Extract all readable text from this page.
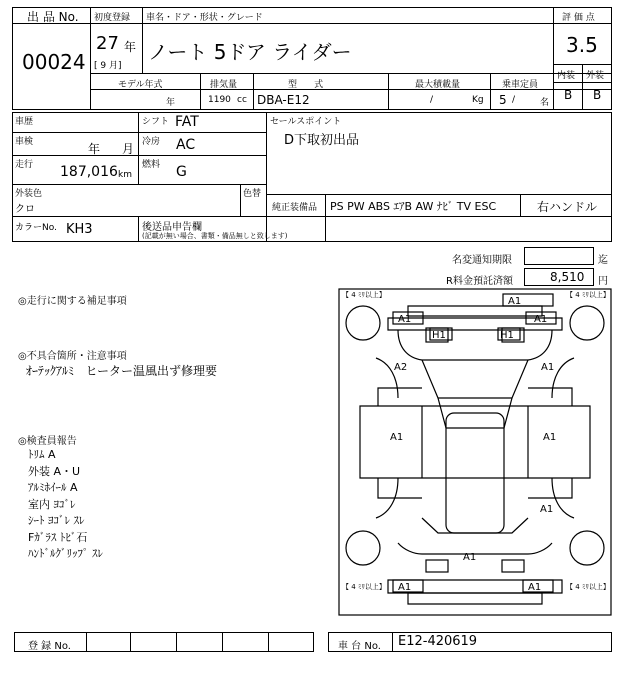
出 品 No.
00024
初度登録
27 年
[ 9 月]
車名・ドア・形状・グレード
ノート 5ドア ライダー
評 価 点
3.5
内装 外装
B B
モデル年式
年
排気量
1190 cc
型      式
DBA-E12
最大積載量
/	Kg
乗車定員
5 /	名
車歴	シフト FAT
車検	年 月 冷房 AC
走行 187,016 km
燃料 G
セールスポイント
D下取初出品
外装色
クロ
色替
純正装備品 PS PW ABS ｴｱB AW ﾅﾋﾞ TV ESC	右ハンドル
カラーNo. KH3	後送品申告欄
(記載が無い場合、書類・備品無しと致します)
名変通知期限	迄
R料金預託済額	8,510 円
◎走行に関する補足事項
◎不具合箇所・注意事項
ｵｰﾃｯｸｱﾙﾐ   ヒーター温風出ず修理要
◎検査員報告
ﾄﾘﾑ A
外装 A・U
ｱﾙﾐﾎｲｰﾙ A
室内 ﾖｺﾞﾚ
ｼｰﾄ ﾖｺﾞﾚ ｽﾚ
Fｶﾞﾗｽ ﾄﾋﾞ石
ﾊﾝﾄﾞﾙｸﾞﾘｯﾌﾟ ｽﾚ
【 4 ﾐﾘ以上】	【 4 ﾐﾘ以上】
【 4 ﾐﾘ以上】	【 4 ﾐﾘ以上】
A1
A1	A1
H1	H1
A2	A1
A1	A1
A1
A1
A1	A1
登 録 No.	車 台 No. E12-420619
